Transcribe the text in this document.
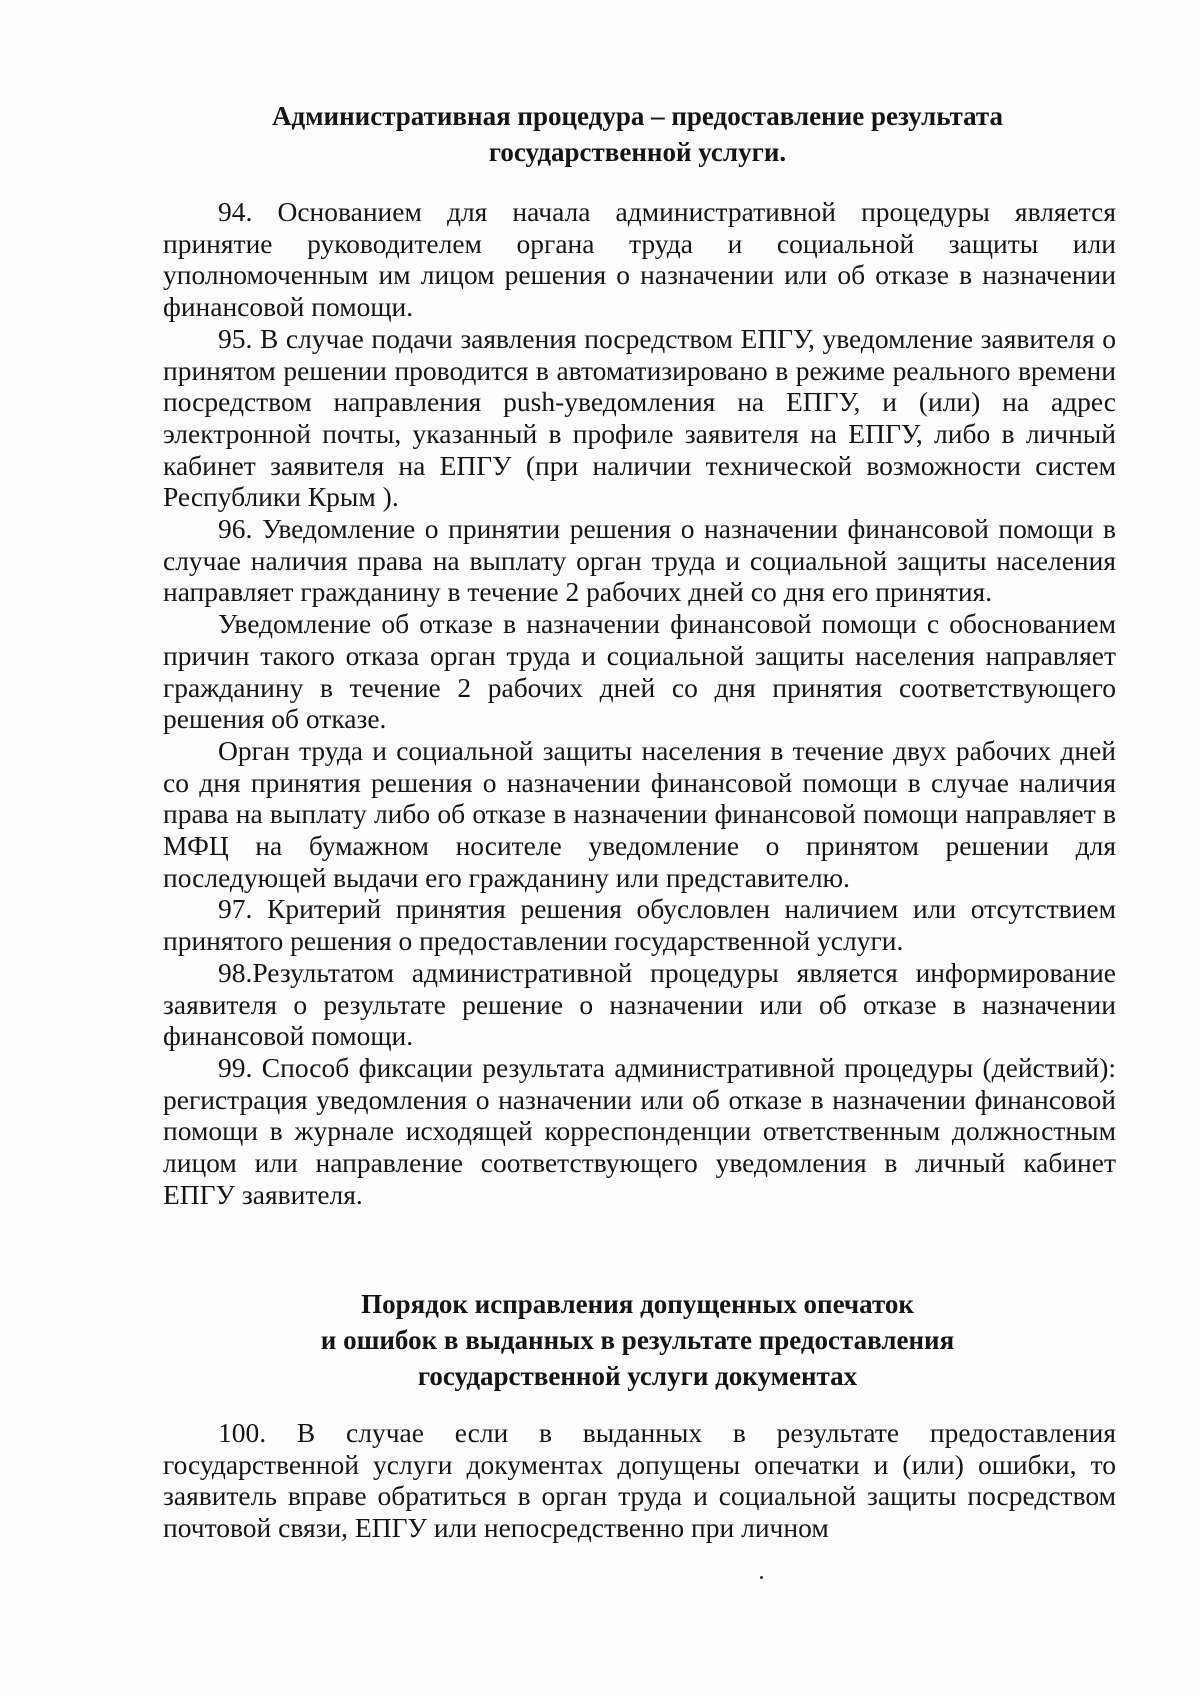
Административная процедура – предоставление результата
государственной услуги.

94. Основанием для начала административной процедуры является принятие руководителем органа труда и социальной защиты или уполномоченным им лицом решения о назначении или об отказе в назначении финансовой помощи.

95. В случае подачи заявления посредством ЕПГУ, уведомление заявителя о принятом решении проводится в автоматизировано в режиме реального времени посредством направления push-уведомления на ЕПГУ, и (или) на адрес электронной почты, указанный в профиле заявителя на ЕПГУ, либо в личный кабинет заявителя на ЕПГУ (при наличии технической возможности систем Республики Крым ).

96. Уведомление о принятии решения о назначении финансовой помощи в случае наличия права на выплату орган труда и социальной защиты населения направляет гражданину в течение 2 рабочих дней со дня его принятия.

Уведомление об отказе в назначении финансовой помощи с обоснованием причин такого отказа орган труда и социальной защиты населения направляет гражданину в течение 2 рабочих дней со дня принятия соответствующего решения об отказе.

Орган труда и социальной защиты населения в течение двух рабочих дней со дня принятия решения о назначении финансовой помощи в случае наличия права на выплату либо об отказе в назначении финансовой помощи направляет в МФЦ на бумажном носителе уведомление о принятом решении для последующей выдачи его гражданину или представителю.

97. Критерий принятия решения обусловлен наличием или отсутствием принятого решения о предоставлении государственной услуги.

98.Результатом административной процедуры является информирование заявителя о результате решение о назначении или об отказе в назначении финансовой помощи.

99. Способ фиксации результата административной процедуры (действий): регистрация уведомления о назначении или об отказе в назначении финансовой помощи в журнале исходящей корреспонденции ответственным должностным лицом или направление соответствующего уведомления в личный кабинет ЕПГУ заявителя.

Порядок исправления допущенных опечаток
и ошибок в выданных в результате предоставления
государственной услуги документах

100. В случае если в выданных в результате предоставления государственной услуги документах допущены опечатки и (или) ошибки, то заявитель вправе обратиться в орган труда и социальной защиты посредством почтовой связи, ЕПГУ или непосредственно при личном
